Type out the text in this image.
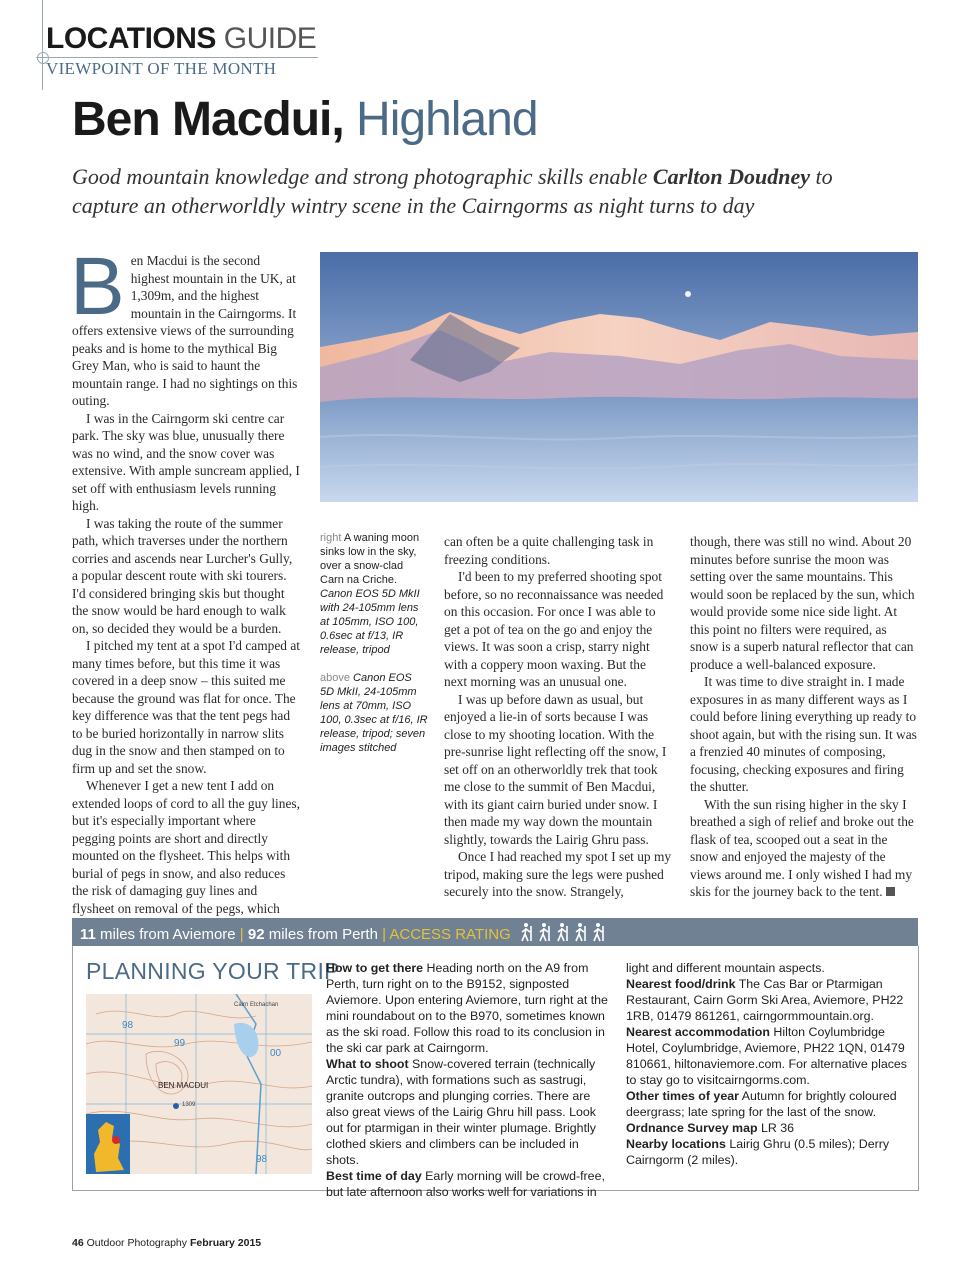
LOCATIONS GUIDE
VIEWPOINT OF THE MONTH
Ben Macdui, Highland
Good mountain knowledge and strong photographic skills enable Carlton Doudney to capture an otherworldly wintry scene in the Cairngorms as night turns to day
B en Macdui is the second highest mountain in the UK, at 1,309m, and the highest mountain in the Cairngorms. It offers extensive views of the surrounding peaks and is home to the mythical Big Grey Man, who is said to haunt the mountain range. I had no sightings on this outing.

I was in the Cairngorm ski centre car park. The sky was blue, unusually there was no wind, and the snow cover was extensive. With ample suncream applied, I set off with enthusiasm levels running high.

I was taking the route of the summer path, which traverses under the northern corries and ascends near Lurcher's Gully, a popular descent route with ski tourers. I'd considered bringing skis but thought the snow would be hard enough to walk on, so decided they would be a burden.

I pitched my tent at a spot I'd camped at many times before, but this time it was covered in a deep snow – this suited me because the ground was flat for once. The key difference was that the tent pegs had to be buried horizontally in narrow slits dug in the snow and then stamped on to firm up and set the snow.

Whenever I get a new tent I add on extended loops of cord to all the guy lines, but it's especially important where pegging points are short and directly mounted on the flysheet. This helps with burial of pegs in snow, and also reduces the risk of damaging guy lines and flysheet on removal of the pegs, which

right A waning moon sinks low in the sky, over a snow-clad Carn na Criche. Canon EOS 5D MkII with 24-105mm lens at 105mm, ISO 100, 0.6sec at f/13, IR release, tripod
above Canon EOS 5D MkII, 24-105mm lens at 70mm, ISO 100, 0.3sec at f/16, IR release, tripod; seven images stitched

can often be a quite challenging task in freezing conditions.

I'd been to my preferred shooting spot before, so no reconnaissance was needed on this occasion. For once I was able to get a pot of tea on the go and enjoy the views. It was soon a crisp, starry night with a coppery moon waxing. But the next morning was an unusual one.

I was up before dawn as usual, but enjoyed a lie-in of sorts because I was close to my shooting location. With the pre-sunrise light reflecting off the snow, I set off on an otherworldly trek that took me close to the summit of Ben Macdui, with its giant cairn buried under snow. I then made my way down the mountain slightly, towards the Lairig Ghru pass.

Once I had reached my spot I set up my tripod, making sure the legs were pushed securely into the snow. Strangely,

though, there was still no wind. About 20 minutes before sunrise the moon was setting over the same mountains. This would soon be replaced by the sun, which would provide some nice side light. At this point no filters were required, as snow is a superb natural reflector that can produce a well-balanced exposure.

It was time to dive straight in. I made exposures in as many different ways as I could before lining everything up ready to shoot again, but with the rising sun. It was a frenzied 40 minutes of composing, focusing, checking exposures and firing the shutter.

With the sun rising higher in the sky I breathed a sigh of relief and broke out the flask of tea, scooped out a seat in the snow and enjoyed the majesty of the views around me. I only wished I had my skis for the journey back to the tent.

11 miles from Aviemore | 92 miles from Perth | ACCESS RATING
PLANNING YOUR TRIP
BEN MACDUI
1309
Cairn Etchachan
98
99
00
98

How to get there Heading north on the A9 from Perth, turn right on to the B9152, signposted Aviemore. Upon entering Aviemore, turn right at the mini roundabout on to the B970, sometimes known as the ski road. Follow this road to its conclusion in the ski car park at Cairngorm.

What to shoot Snow-covered terrain (technically Arctic tundra), with formations such as sastrugi, granite outcrops and plunging corries. There are also great views of the Lairig Ghru hill pass. Look out for ptarmigan in their winter plumage. Brightly clothed skiers and climbers can be included in shots.

Best time of day Early morning will be crowd-free, but late afternoon also works well for variations in

light and different mountain aspects.

Nearest food/drink The Cas Bar or Ptarmigan Restaurant, Cairn Gorm Ski Area, Aviemore, PH22 1RB, 01479 861261, cairngormmountain.org.

Nearest accommodation Hilton Coylumbridge Hotel, Coylumbridge, Aviemore, PH22 1QN, 01479 810661, hiltonaviemore.com. For alternative places to stay go to visitcairngorms.com.

Other times of year Autumn for brightly coloured deergrass; late spring for the last of the snow.

Ordnance Survey map LR 36

Nearby locations Lairig Ghru (0.5 miles); Derry Cairngorm (2 miles).

46 Outdoor Photography February 2015
